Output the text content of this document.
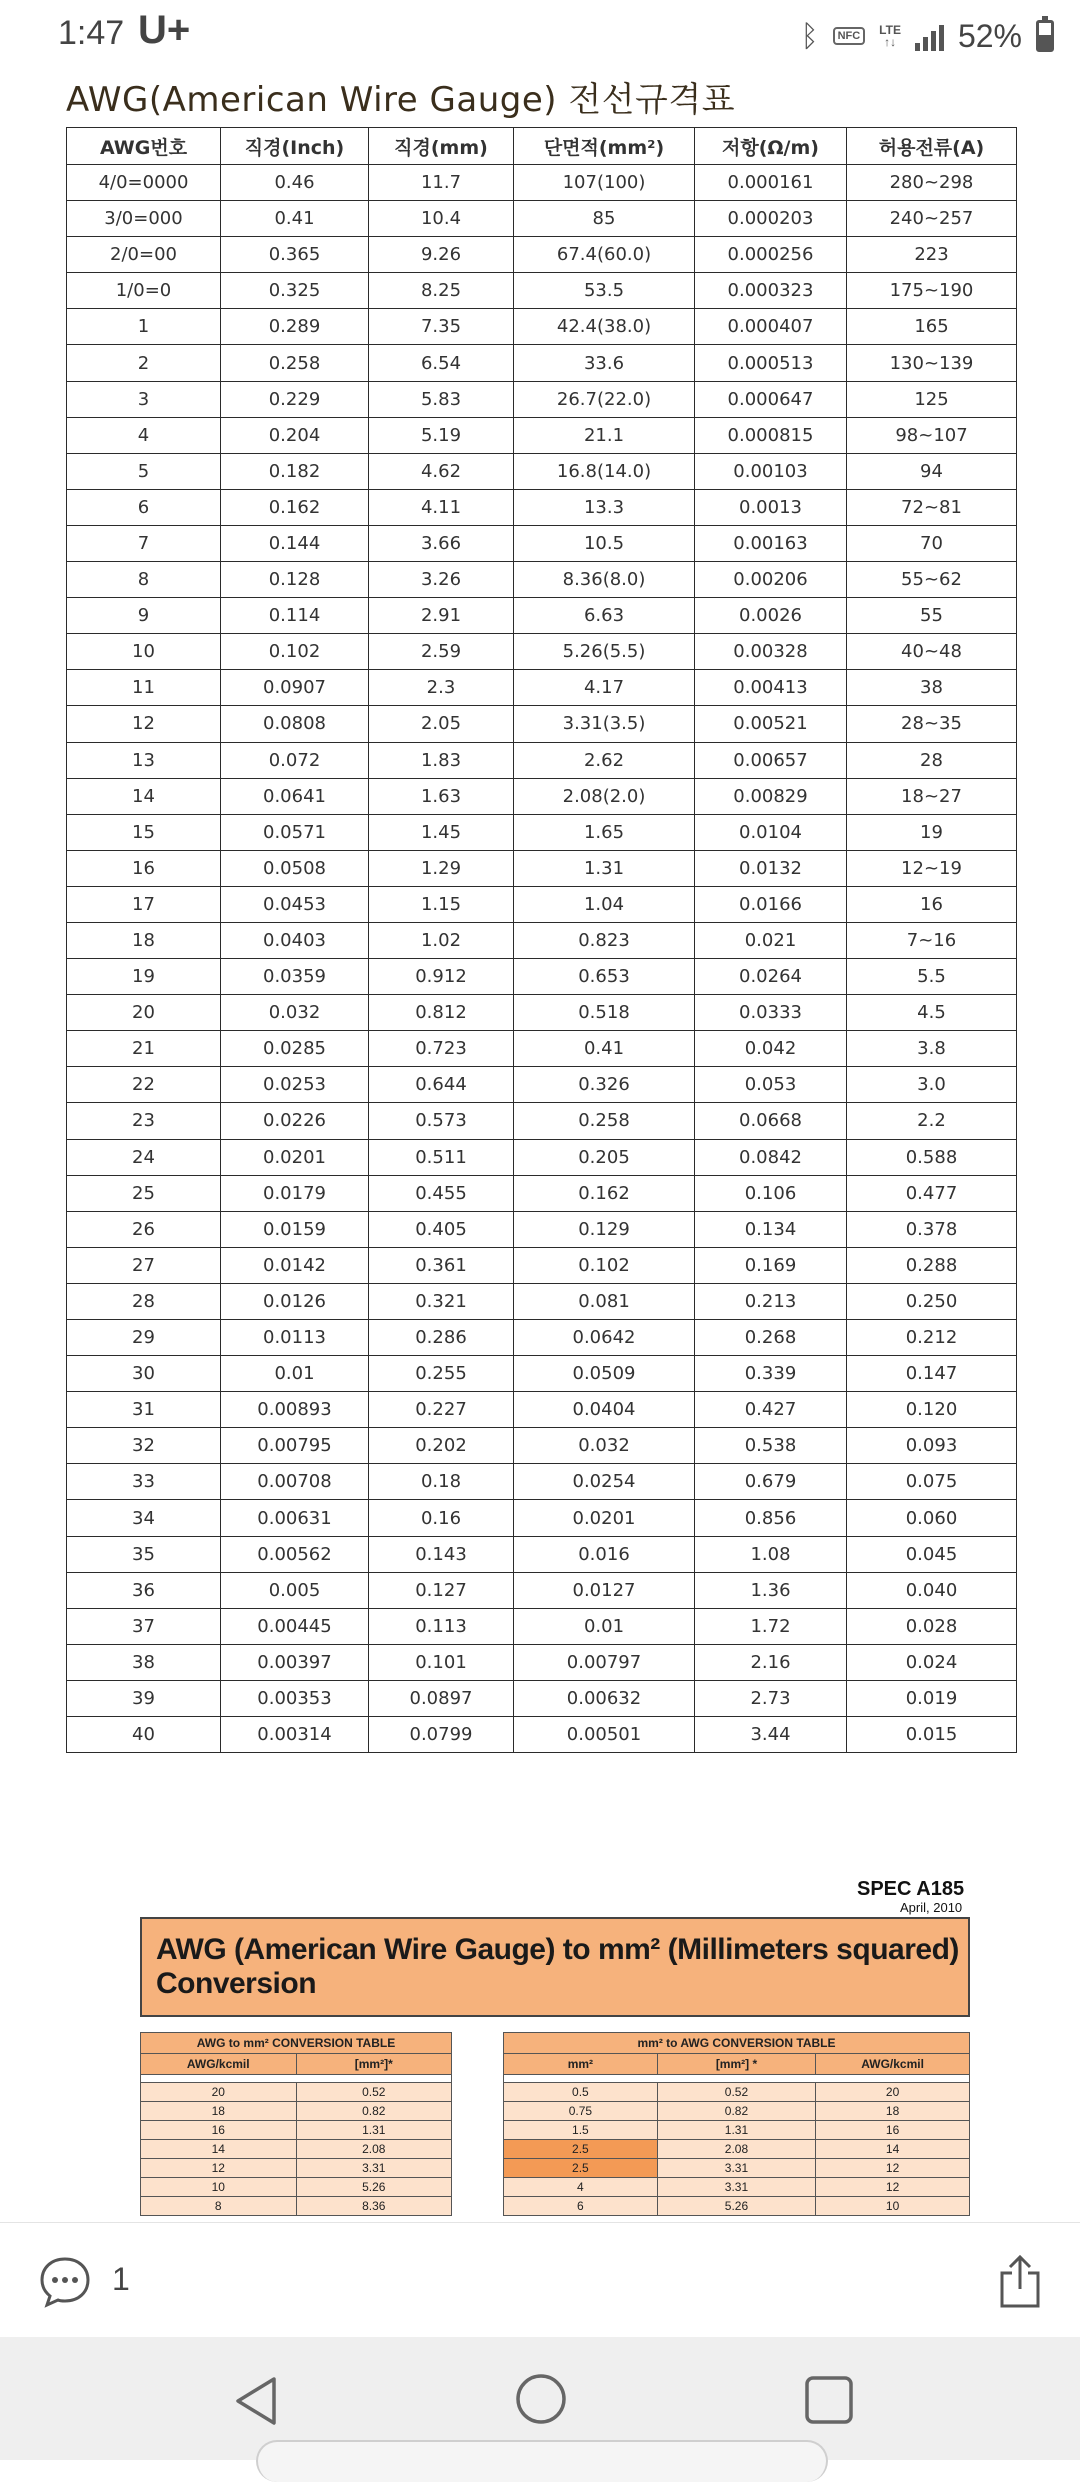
1:47 U+	ᛒ	NFC	LTE
↑↓ 52%
AWG(American Wire Gauge) 전선규격표
AWG번호	직경(Inch)	직경(mm)	단면적(mm²)	저항(Ω/m)	허용전류(A)
4/0=0000	0.46	11.7	107(100)	0.000161	280~298
3/0=000	0.41	10.4	85	0.000203	240~257
2/0=00	0.365	9.26	67.4(60.0)	0.000256	223
1/0=0	0.325	8.25	53.5	0.000323	175~190
1	0.289	7.35	42.4(38.0)	0.000407	165
2	0.258	6.54	33.6	0.000513	130~139
3	0.229	5.83	26.7(22.0)	0.000647	125
4	0.204	5.19	21.1	0.000815	98~107
5	0.182	4.62	16.8(14.0)	0.00103	94
6	0.162	4.11	13.3	0.0013	72~81
7	0.144	3.66	10.5	0.00163	70
8	0.128	3.26	8.36(8.0)	0.00206	55~62
9	0.114	2.91	6.63	0.0026	55
10	0.102	2.59	5.26(5.5)	0.00328	40~48
11	0.0907	2.3	4.17	0.00413	38
12	0.0808	2.05	3.31(3.5)	0.00521	28~35
13	0.072	1.83	2.62	0.00657	28
14	0.0641	1.63	2.08(2.0)	0.00829	18~27
15	0.0571	1.45	1.65	0.0104	19
16	0.0508	1.29	1.31	0.0132	12~19
17	0.0453	1.15	1.04	0.0166	16
18	0.0403	1.02	0.823	0.021	7~16
19	0.0359	0.912	0.653	0.0264	5.5
20	0.032	0.812	0.518	0.0333	4.5
21	0.0285	0.723	0.41	0.042	3.8
22	0.0253	0.644	0.326	0.053	3.0
23	0.0226	0.573	0.258	0.0668	2.2
24	0.0201	0.511	0.205	0.0842	0.588
25	0.0179	0.455	0.162	0.106	0.477
26	0.0159	0.405	0.129	0.134	0.378
27	0.0142	0.361	0.102	0.169	0.288
28	0.0126	0.321	0.081	0.213	0.250
29	0.0113	0.286	0.0642	0.268	0.212
30	0.01	0.255	0.0509	0.339	0.147
31	0.00893	0.227	0.0404	0.427	0.120
32	0.00795	0.202	0.032	0.538	0.093
33	0.00708	0.18	0.0254	0.679	0.075
34	0.00631	0.16	0.0201	0.856	0.060
35	0.00562	0.143	0.016	1.08	0.045
36	0.005	0.127	0.0127	1.36	0.040
37	0.00445	0.113	0.01	1.72	0.028
38	0.00397	0.101	0.00797	2.16	0.024
39	0.00353	0.0897	0.00632	2.73	0.019
40	0.00314	0.0799	0.00501	3.44	0.015
SPEC A185
April, 2010
AWG (American Wire Gauge) to mm² (Millimeters squared) Conversion
AWG to mm² CONVERSION TABLE	
AWG/kcmil	[mm²]*

20	0.52
18	0.82
16	1.31
14	2.08
12	3.31
10	5.26
8	8.36
mm² to AWG CONVERSION TABLE		
mm²	[mm²] *	AWG/kcmil

0.5	0.52	20
0.75	0.82	18
1.5	1.31	16
2.5	2.08	14
2.5	3.31	12
4	3.31	12
6	5.26	10
1
